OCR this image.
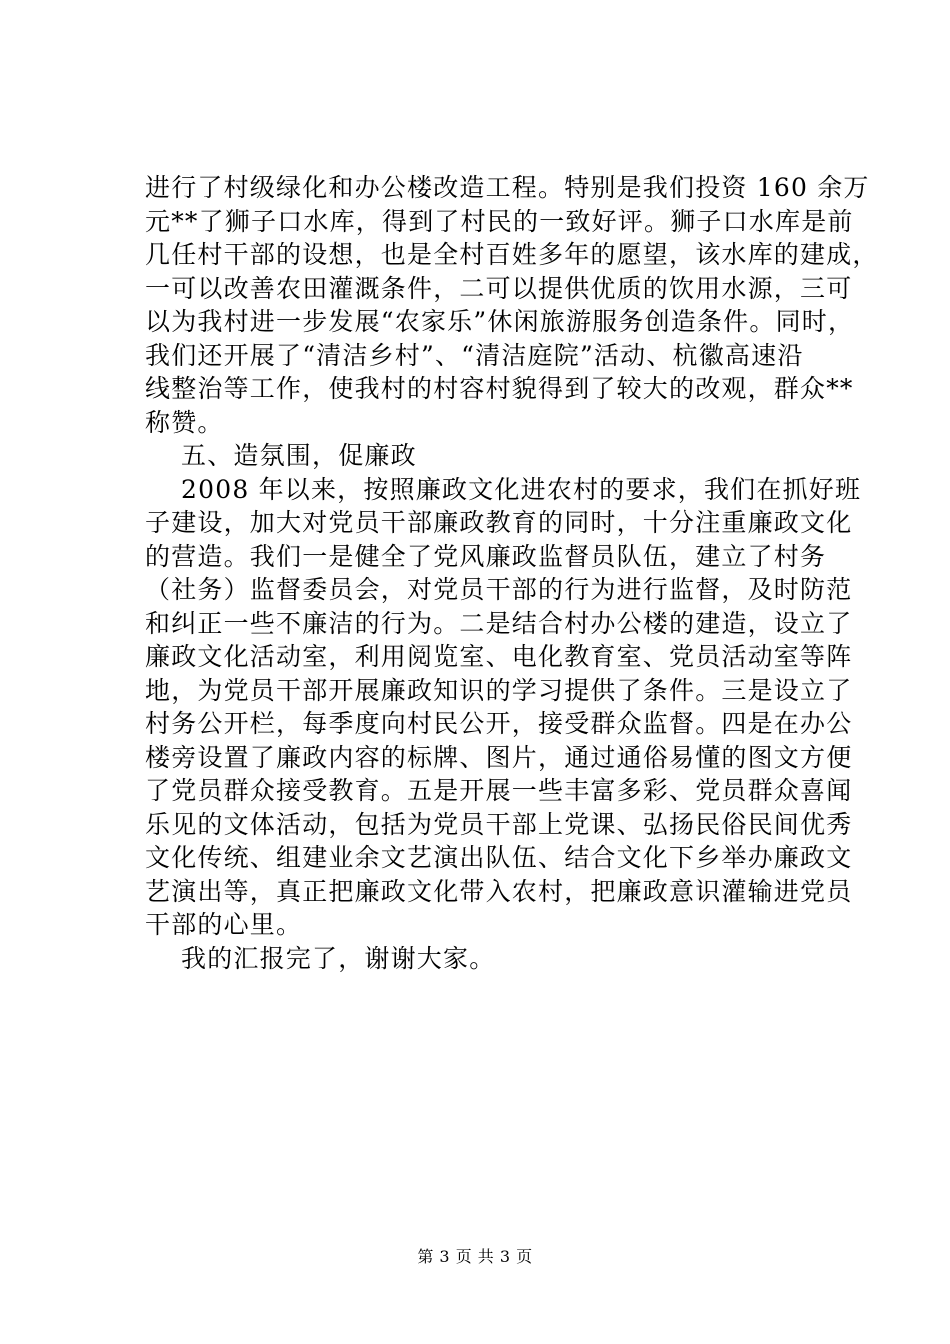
进行了村级绿化和办公楼改造工程。特别是我们投资 160 余万
元**了狮子口水库，得到了村民的一致好评。狮子口水库是前
几任村干部的设想，也是全村百姓多年的愿望，该水库的建成，
一可以改善农田灌溉条件，二可以提供优质的饮用水源，三可
以为我村进一步发展“农家乐”休闲旅游服务创造条件。同时，
我们还开展了“清洁乡村”、“清洁庭院”活动、杭徽高速沿
线整治等工作，使我村的村容村貌得到了较大的改观，群众**
称赞。
五、造氛围，促廉政
2008 年以来，按照廉政文化进农村的要求，我们在抓好班
子建设，加大对党员干部廉政教育的同时，十分注重廉政文化
的营造。我们一是健全了党风廉政监督员队伍，建立了村务
（社务）监督委员会，对党员干部的行为进行监督，及时防范
和纠正一些不廉洁的行为。二是结合村办公楼的建造，设立了
廉政文化活动室，利用阅览室、电化教育室、党员活动室等阵
地，为党员干部开展廉政知识的学习提供了条件。三是设立了
村务公开栏，每季度向村民公开，接受群众监督。四是在办公
楼旁设置了廉政内容的标牌、图片，通过通俗易懂的图文方便
了党员群众接受教育。五是开展一些丰富多彩、党员群众喜闻
乐见的文体活动，包括为党员干部上党课、弘扬民俗民间优秀
文化传统、组建业余文艺演出队伍、结合文化下乡举办廉政文
艺演出等，真正把廉政文化带入农村，把廉政意识灌输进党员
干部的心里。
我的汇报完了，谢谢大家。
第 3 页 共 3 页
